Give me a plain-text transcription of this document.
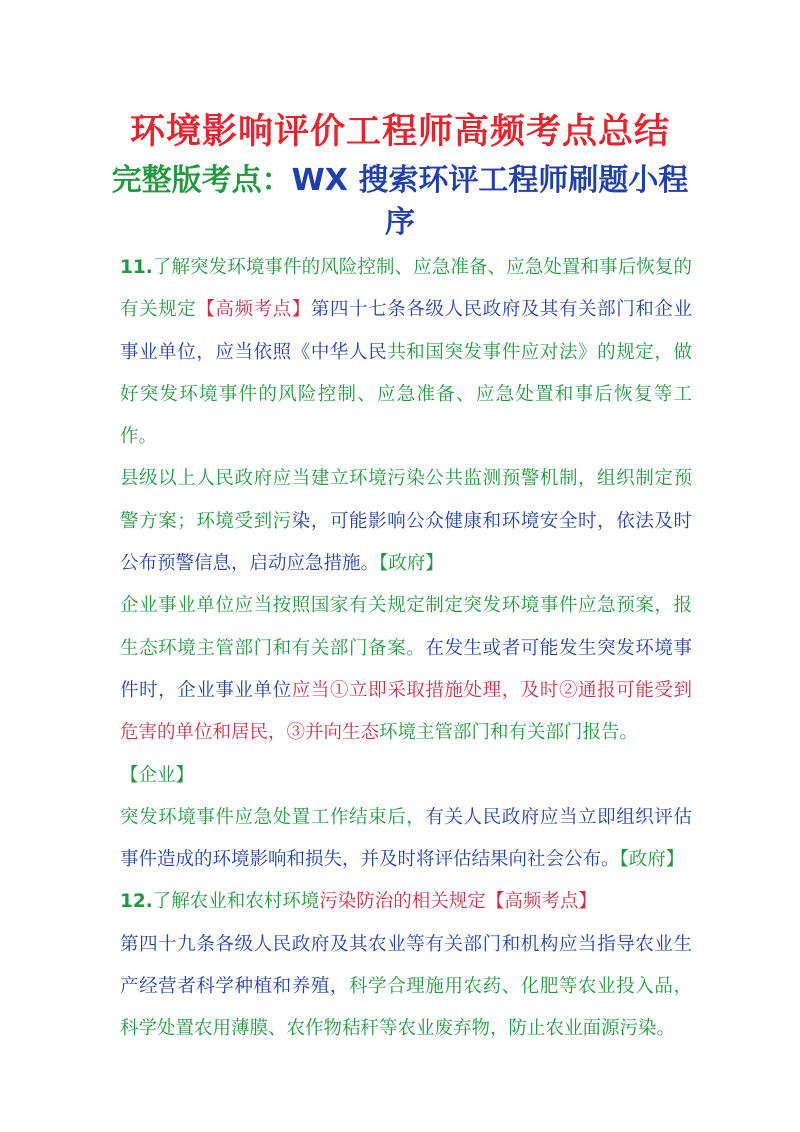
环境影响评价工程师高频考点总结
完整版考点：WX 搜索环评工程师刷题小程序

11.了解突发环境事件的风险控制、应急准备、应急处置和事后恢复的有关规定【高频考点】第四十七条各级人民政府及其有关部门和企业事业单位，应当依照《中华人民共和国突发事件应对法》的规定，做好突发环境事件的风险控制、应急准备、应急处置和事后恢复等工作。

县级以上人民政府应当建立环境污染公共监测预警机制，组织制定预警方案；环境受到污染，可能影响公众健康和环境安全时，依法及时公布预警信息，启动应急措施。【政府】

企业事业单位应当按照国家有关规定制定突发环境事件应急预案，报生态环境主管部门和有关部门备案。在发生或者可能发生突发环境事件时，企业事业单位应当①立即采取措施处理，及时②通报可能受到危害的单位和居民，③并向生态环境主管部门和有关部门报告。

【企业】

突发环境事件应急处置工作结束后，有关人民政府应当立即组织评估事件造成的环境影响和损失，并及时将评估结果向社会公布。【政府】

12.了解农业和农村环境污染防治的相关规定【高频考点】

第四十九条各级人民政府及其农业等有关部门和机构应当指导农业生产经营者科学种植和养殖，科学合理施用农药、化肥等农业投入品，科学处置农用薄膜、农作物秸秆等农业废弃物，防止农业面源污染。
